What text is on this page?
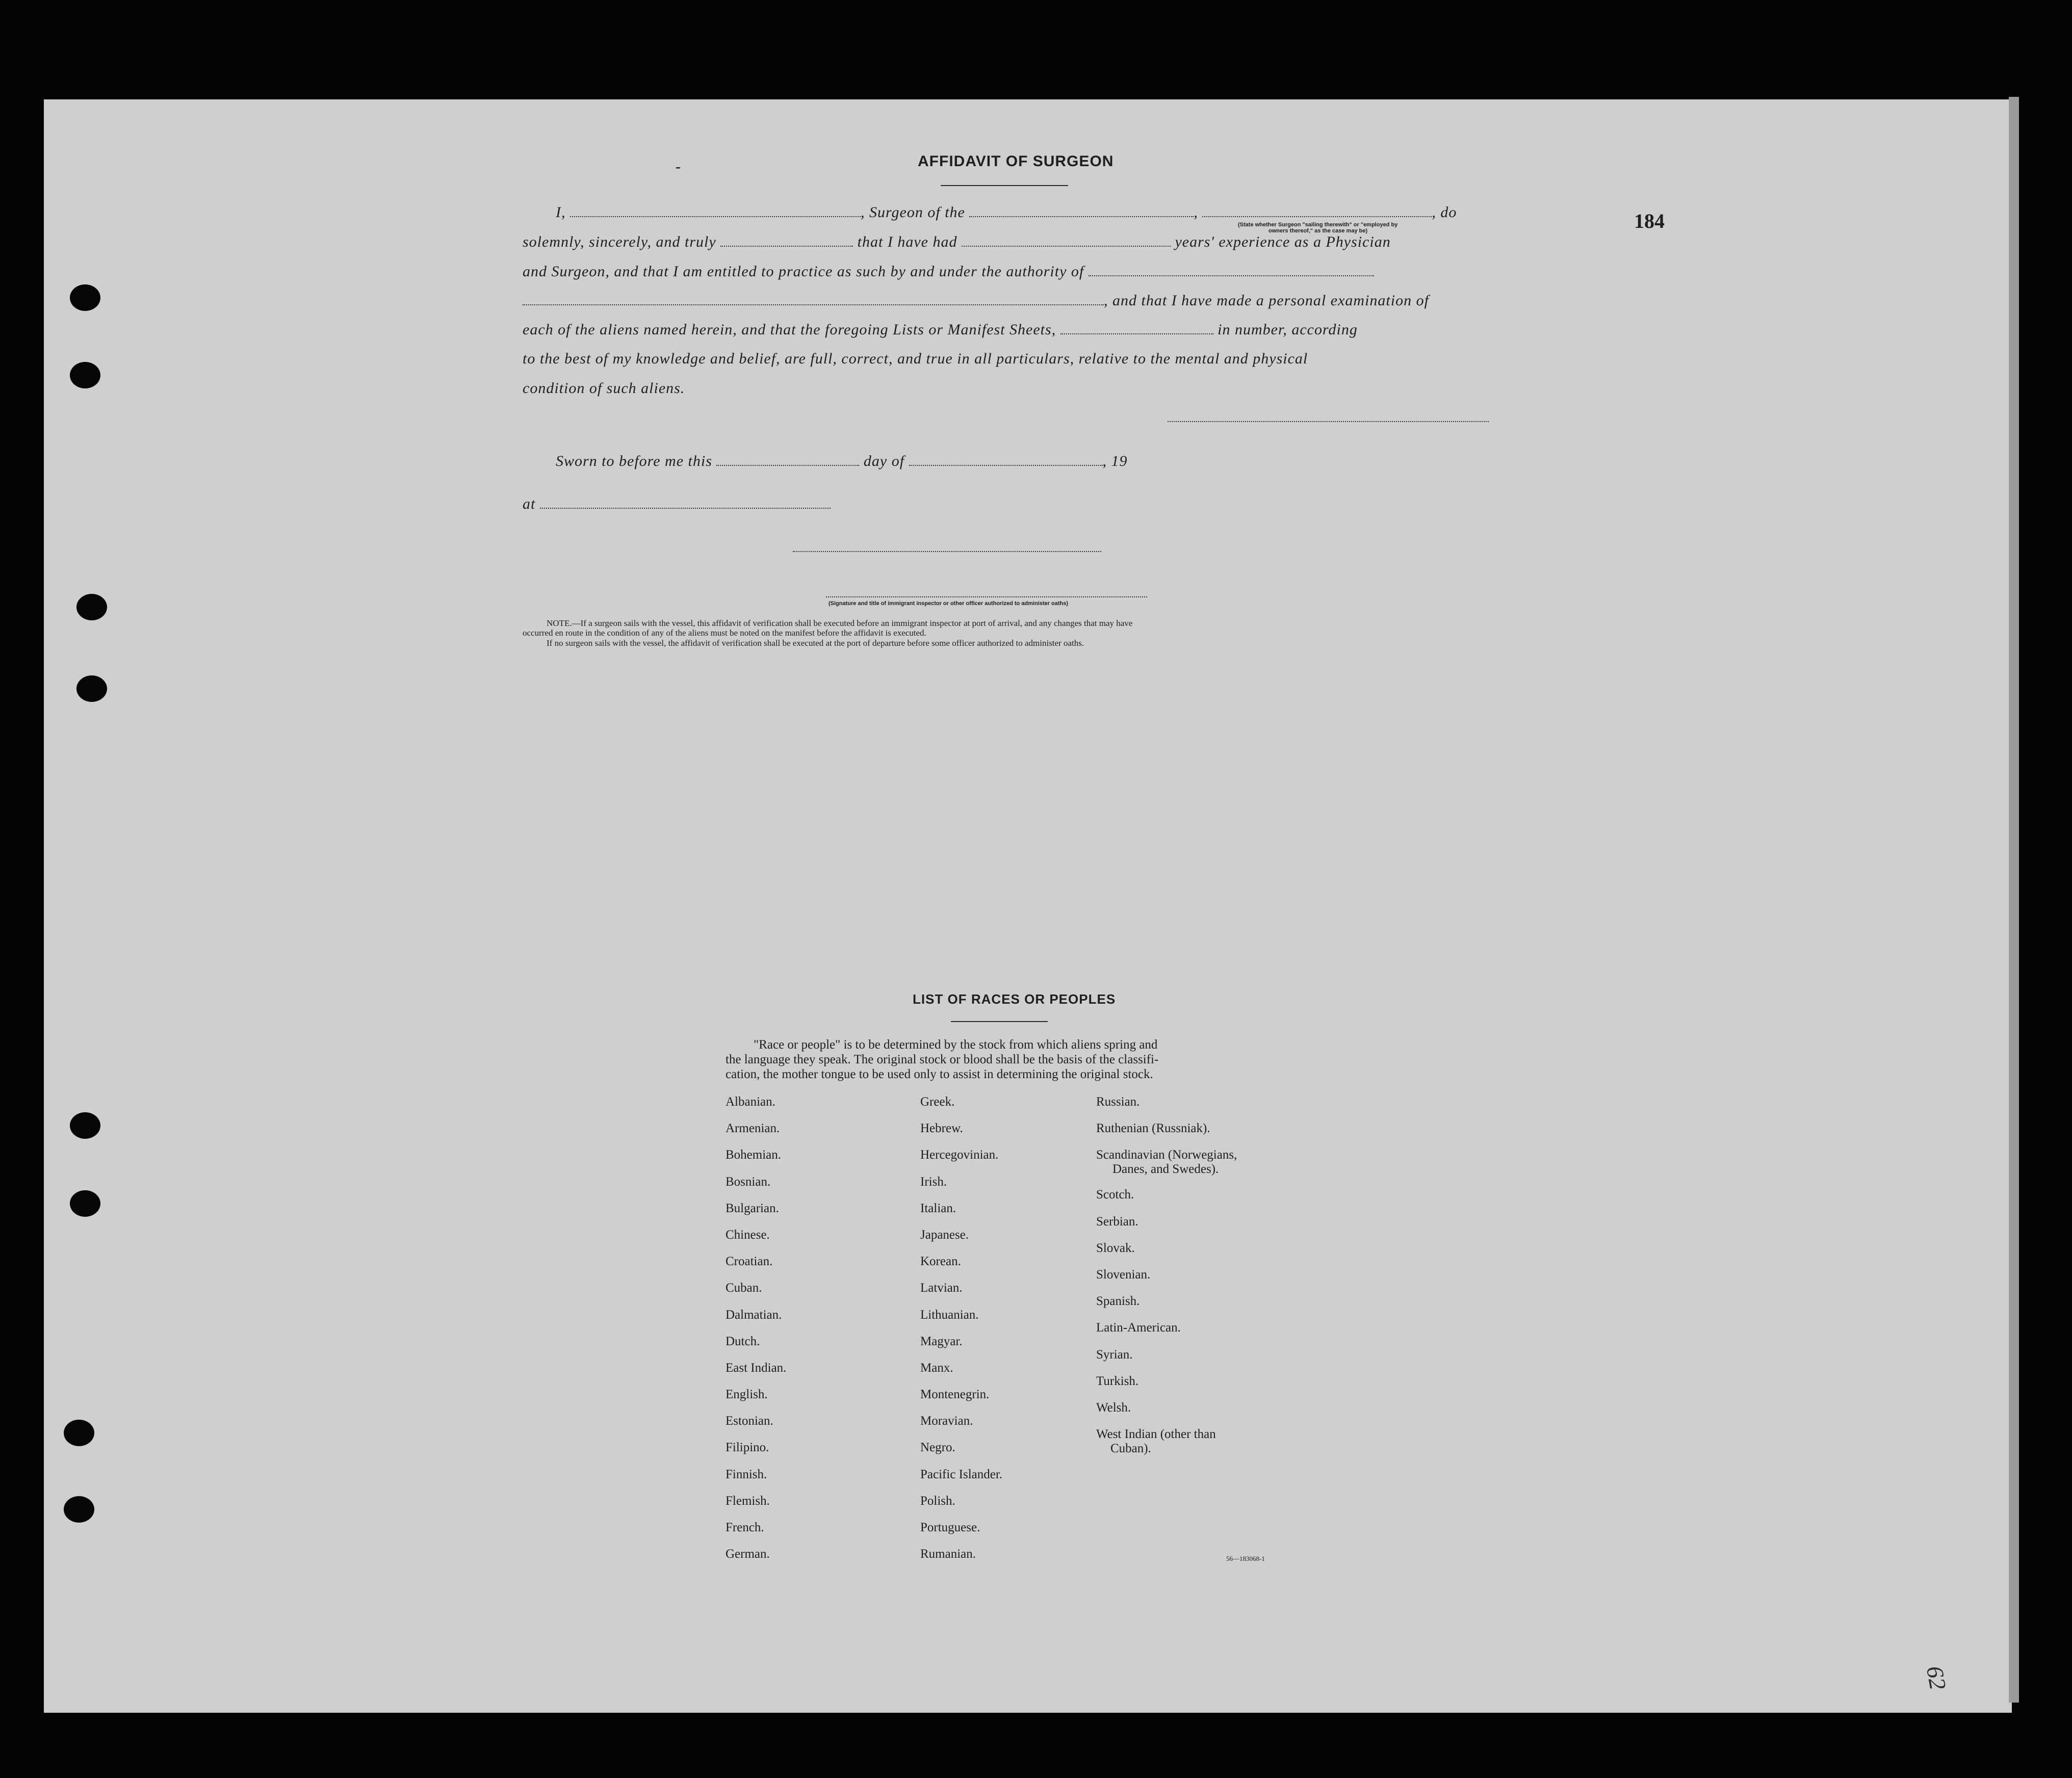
184
-	AFFIDAVIT OF SURGEON
I,	, Surgeon of the	,	, do
(State whether Surgeon "sailing therewith" or "employed by
owners thereof," as the case may be)
solemnly, sincerely, and truly	that I have had	years' experience as a Physician
and Surgeon, and that I am entitled to practice as such by and under the authority of
, and that I have made a personal examination of
each of the aliens named herein, and that the foregoing Lists or Manifest Sheets,	in number, according
to the best of my knowledge and belief, are full, correct, and true in all particulars, relative to the mental and physical
condition of such aliens.
Sworn to before me this	day of	, 19
at
(Signature and title of immigrant inspector or other officer authorized to administer oaths)
NOTE.—If a surgeon sails with the vessel, this affidavit of verification shall be executed before an immigrant inspector at port of arrival, and any changes that may have
occurred en route in the condition of any of the aliens must be noted on the manifest before the affidavit is executed.
If no surgeon sails with the vessel, the affidavit of verification shall be executed at the port of departure before some officer authorized to administer oaths.
LIST OF RACES OR PEOPLES
"Race or people" is to be determined by the stock from which aliens spring and
the language they speak. The original stock or blood shall be the basis of the classifi-
cation, the mother tongue to be used only to assist in determining the original stock.
Albanian.
Armenian.
Bohemian.
Bosnian.
Bulgarian.
Chinese.
Croatian.
Cuban.
Dalmatian.
Dutch.
East Indian.
English.
Estonian.
Filipino.
Finnish.
Flemish.
French.
German.
Greek.
Hebrew.
Hercegovinian.
Irish.
Italian.
Japanese.
Korean.
Latvian.
Lithuanian.
Magyar.
Manx.
Montenegrin.
Moravian.
Negro.
Pacific Islander.
Polish.
Portuguese.
Rumanian.
Russian.
Ruthenian (Russniak).
Scandinavian (Norwegians,
Danes, and Swedes).
Scotch.
Serbian.
Slovak.
Slovenian.
Spanish.
Latin-American.
Syrian.
Turkish.
Welsh.
West Indian (other than
Cuban).
56—183068-1
62
